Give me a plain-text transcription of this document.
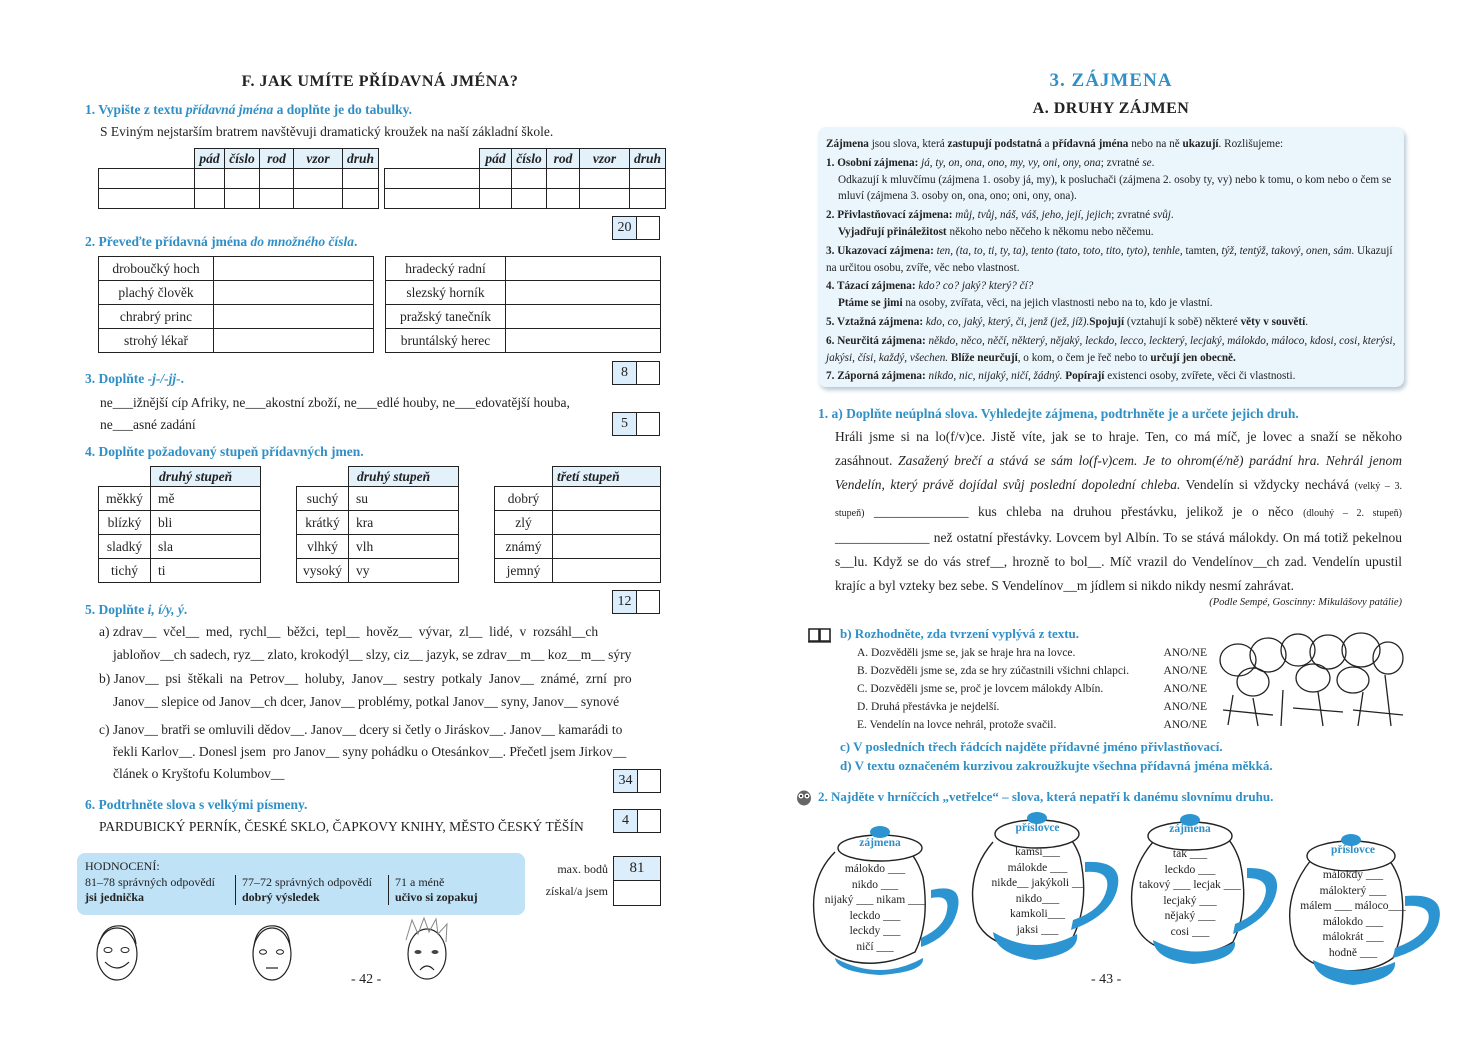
F. JAK UMÍTE PŘÍDAVNÁ JMÉNA?
1. Vypište z textu přídavná jména a doplňte je do tabulky.
S Eviným nejstarším bratrem navštěvuji dramatický kroužek na naší základní škole.
	pád	číslo	rod	vzor	druh

		pád	číslo	rod	vzor	druh

20
2. Převeďte přídavná jména do množného čísla.
droboučký hoch	
plachý člověk	
chrabrý princ	
strohý lékař	
hradecký radní	
slezský horník	
pražský tanečník	
bruntálský herec	
8
3. Doplňte -j-/-jj-.
ne___ižnější cíp Afriky, ne___akostní zboží, ne___edlé houby, ne___edovatější houba,
ne___asné zadání	5
4. Doplňte požadovaný stupeň přídavných jmen.
	druhý stupeň
měkký	mě
blízký	bli
sladký	sla
tichý	ti
	druhý stupeň
suchý	su
krátký	kra
vlhký	vlh
vysoký	vy
	třetí stupeň
dobrý	
zlý	
známý	
jemný	
12
5. Doplňte i, í/y, ý.
a) zdrav__  včel__  med,  rychl__  běžci,  tepl__  hověz__  vývar,  zl__  lidé,  v  rozsáhl__ch
jabloňov__ch sadech, ryz__ zlato, krokodýl__ slzy, ciz__ jazyk, se zdrav__m__ koz__m__ sýry
b) Janov__  psi  štěkali  na  Petrov__  holuby,  Janov__  sestry  potkaly  Janov__  známé,  zrní  pro
Janov__ slepice od Janov__ch dcer, Janov__ problémy, potkal Janov__ syny, Janov__ synové
c) Janov__ bratři se omluvili dědov__. Janov__ dcery si četly o Jiráskov__. Janov__ kamarádi to
řekli Karlov__. Donesl jsem  pro Janov__ syny pohádku o Otesánkov__. Přečetl jsem Jirkov__
článek o Kryštofu Kolumbov__	34
6. Podtrhněte slova s velkými písmeny.
PARDUBICKÝ PERNÍK, ČESKÉ SKLO, ČAPKOVY KNIHY, MĚSTO ČESKÝ TĚŠÍN	4
HODNOCENÍ:
81–78 správných odpovědí
jsi jednička
77–72 správných odpovědí
dobrý výsledek
71 a méně
učivo si zopakuj
max. bodů
získal/a jsem
81
- 42 -
3. ZÁJMENA
A. DRUHY ZÁJMEN

Zájmena jsou slova, která zastupují podstatná a přídavná jména nebo na ně ukazují. Rozlišujeme:

1. Osobní zájmena: já, ty, on, ona, ono, my, vy, oni, ony, ona; zvratné se.
Odkazují k mluvčímu (zájmena 1. osoby já, my), k posluchači (zájmena 2. osoby ty, vy) nebo k tomu, o kom nebo o čem se mluví (zájmena 3. osoby on, ona, ono; oni, ony, ona).

2. Přivlastňovací zájmena: můj, tvůj, náš, váš, jeho, její, jejich; zvratné svůj.
Vyjadřují přináležitost někoho nebo něčeho k někomu nebo něčemu.

3. Ukazovací zájmena: ten, (ta, to, ti, ty, ta), tento (tato, toto, tito, tyto), tenhle, tamten, týž, tentýž, takový, onen, sám. Ukazují na určitou osobu, zvíře, věc nebo vlastnost.

4. Tázací zájmena: kdo? co? jaký? který? čí?
Ptáme se jimi na osoby, zvířata, věci, na jejich vlastnosti nebo na to, kdo je vlastní.

5. Vztažná zájmena: kdo, co, jaký, který, či, jenž (jež, jíž).Spojují (vztahují k sobě) některé věty v souvětí.

6. Neurčitá zájmena: někdo, něco, něčí, některý, nějaký, leckdo, lecco, leckterý, lecjaký, málokdo, máloco, kdosi, cosi, kterýsi, jakýsi, čísi, každý, všechen. Blíže neurčují, o kom, o čem je řeč nebo to určují jen obecně.

7. Záporná zájmena: nikdo, nic, nijaký, ničí, žádný. Popírají existenci osoby, zvířete, věci či vlastnosti.

1. a) Doplňte neúplná slova. Vyhledejte zájmena, podtrhněte je a určete jejich druh.
Hráli jsme si na lo(f/v)ce. Jistě víte, jak se to hraje. Ten, co má míč, je lovec a snaží se někoho zasáhnout. Zasažený brečí a stává se sám lo(f-v)cem. Je to ohrom(é/ně) parádní hra. Nehrál jenom Vendelín, který právě dojídal svůj poslední dopolední chleba. Vendelín si vždycky nechává (velký – 3. stupeň) ______________ kus chleba na druhou přestávku, jelikož je o něco (dlouhý – 2. stupeň) ______________ než ostatní přestávky. Lovcem byl Albín. To se stává málokdy. On má totiž pekelnou s__lu. Když se do vás stref__, hrozně to bol__. Míč vrazil do Vendelínov__ch zad. Vendelín upustil krajíc a byl vzteky bez sebe. S Vendelínov__m jídlem si nikdo nikdy nesmí zahrávat.
(Podle Sempé, Goscinny: Mikulášovy patálie)
b) Rozhodněte, zda tvrzení vyplývá z textu.
A. Dozvěděli jsme se, jak se hraje hra na lovce.	ANO/NE
B. Dozvěděli jsme se, zda se hry zúčastnili všichni chlapci.	ANO/NE
C. Dozvěděli jsme se, proč je lovcem málokdy Albín.	ANO/NE
D. Druhá přestávka je nejdelší.	ANO/NE
E. Vendelín na lovce nehrál, protože svačil.	ANO/NE
c) V posledních třech řádcích najděte přídavné jméno přivlastňovací.
d) V textu označeném kurzivou zakroužkujte všechna přídavná jména měkká.
2. Najděte v hrníčcích „vetřelce“ – slova, která nepatří k danému slovnímu druhu.
zájmena
málokdo ___
nikdo ___
nijaký ___ nikam ___
leckdo ___
leckdy ___
ničí ___
příslovce
kamsi___
málokde ___
nikde__ jakýkoli __
nikdo___
kamkoli___
jaksi ___
zájmena
tak ___
leckdo ___
takový ___ lecjak ___
lecjaký ___
nějaký ___
cosi ___
příslovce
málokdy ___
málokterý ___
málem ___ máloco___
málokdo ___
málokrát ___
hodně ___
- 43 -
